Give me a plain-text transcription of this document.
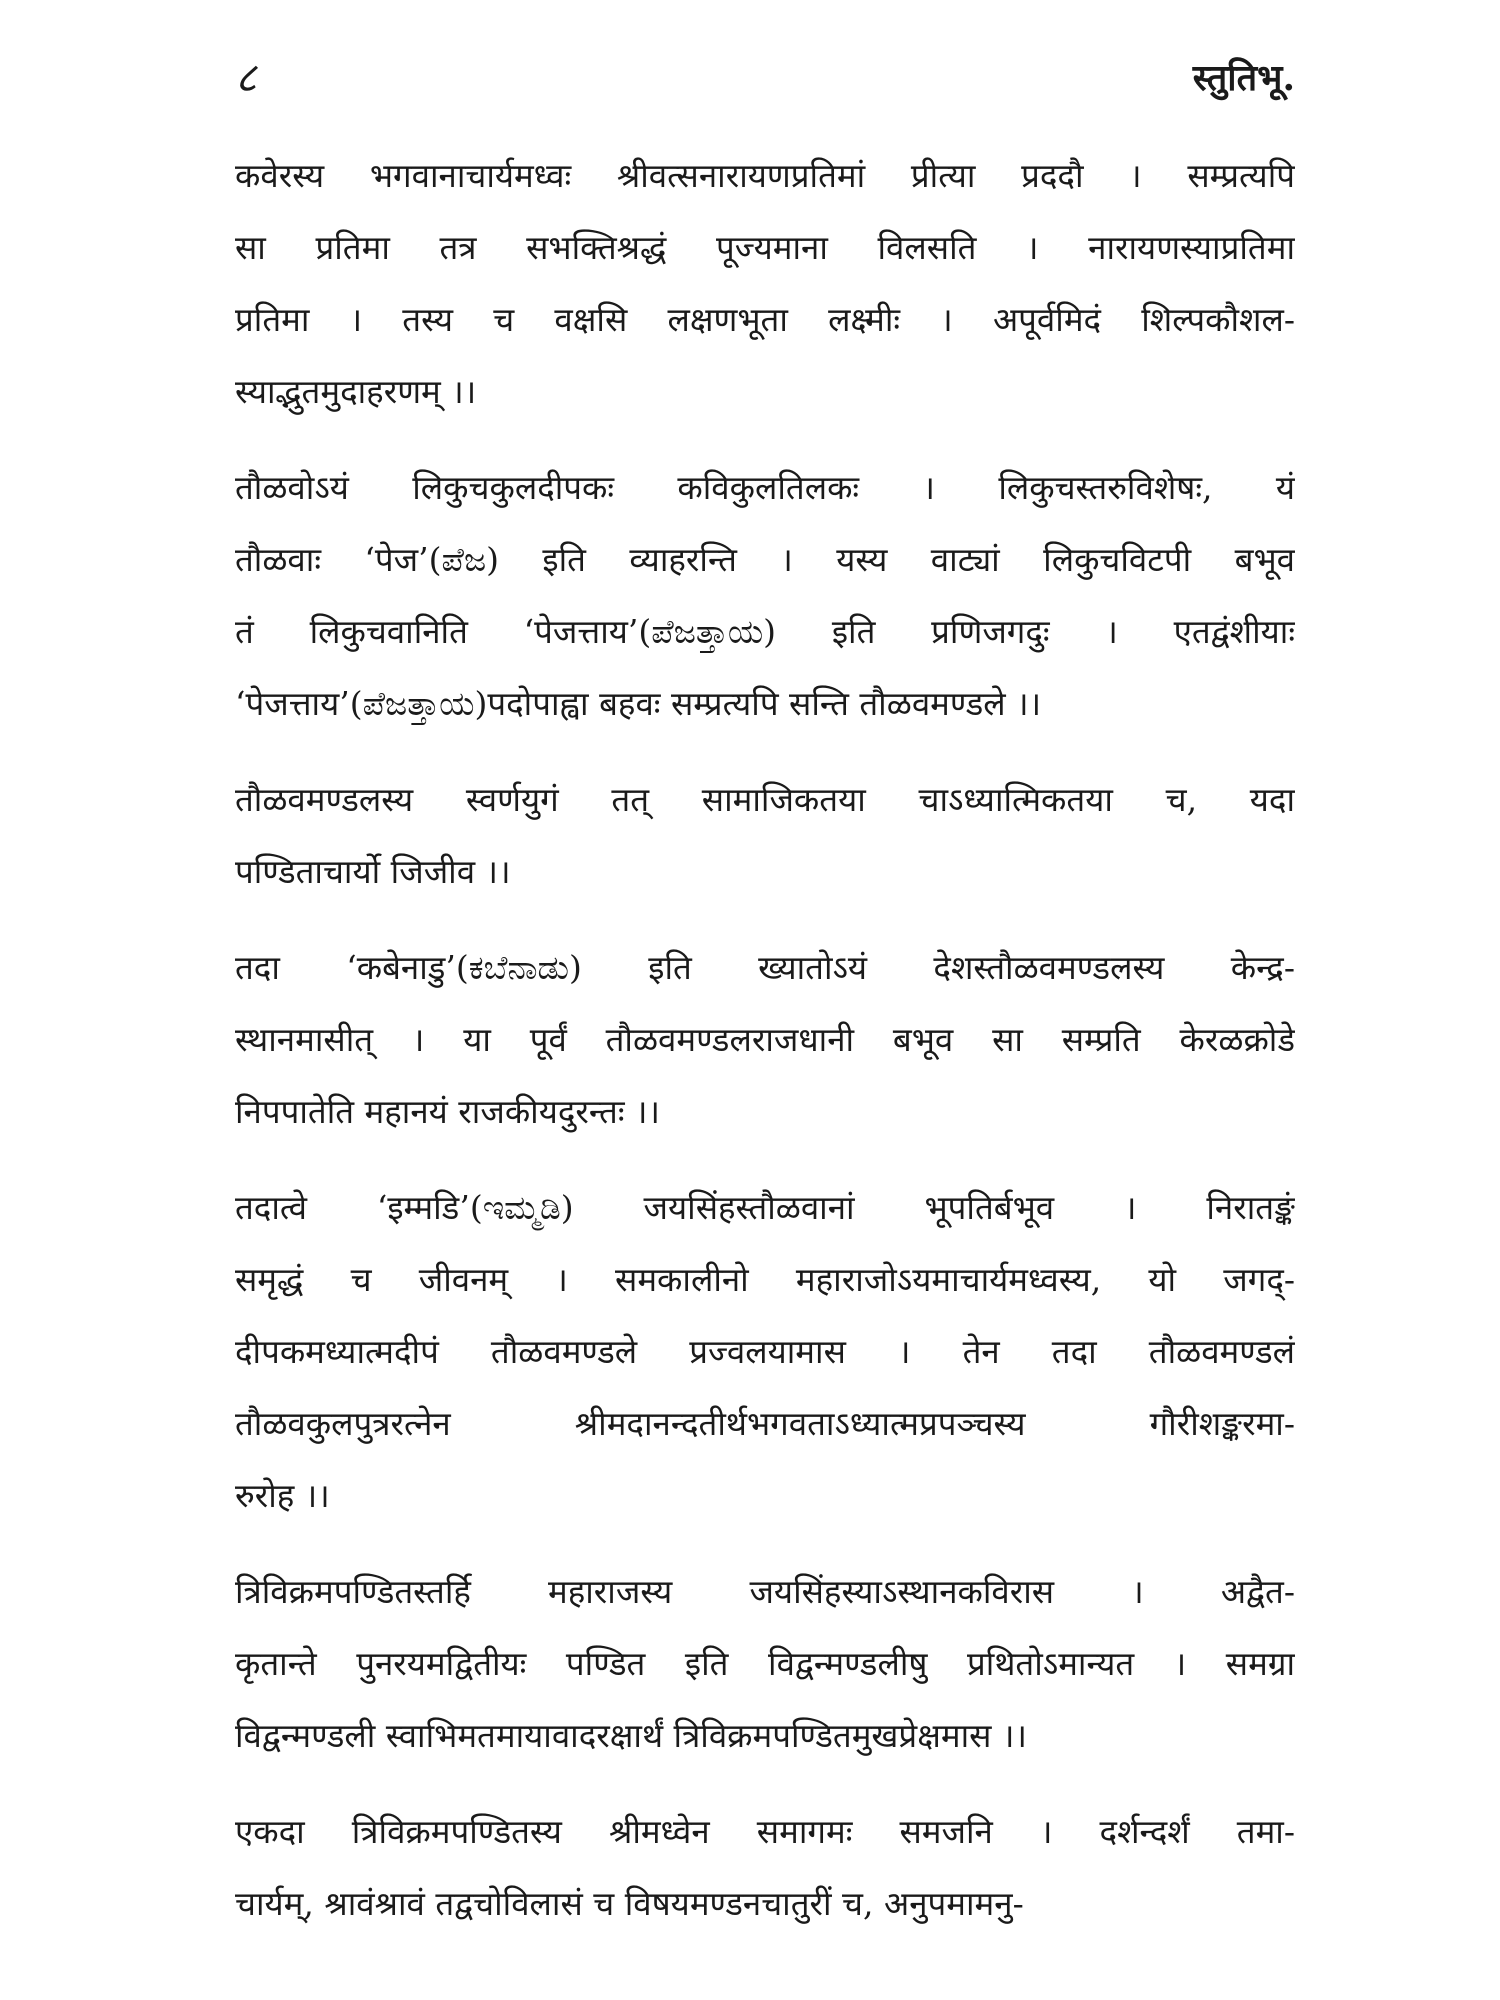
८	स्तुतिभू.
कवेरस्य भगवानाचार्यमध्वः श्रीवत्सनारायणप्रतिमां प्रीत्या प्रददौ । सम्प्रत्यपि
सा प्रतिमा तत्र सभक्तिश्रद्धं पूज्यमाना विलसति । नारायणस्याप्रतिमा
प्रतिमा । तस्य च वक्षसि लक्षणभूता लक्ष्मीः । अपूर्वमिदं शिल्पकौशल-
स्याद्भुतमुदाहरणम् ।।
तौळवोऽयं लिकुचकुलदीपकः कविकुलतिलकः । लिकुचस्तरुविशेषः, यं
तौळवाः ‘पेज’(ಪೆಜ) इति व्याहरन्ति । यस्य वाट्यां लिकुचविटपी बभूव
तं लिकुचवानिति ‘पेजत्ताय’(ಪೆಜತ್ತಾಯ) इति प्रणिजगदुः । एतद्वंशीयाः
‘पेजत्ताय’(ಪೆಜತ್ತಾಯ)पदोपाह्वा बहवः सम्प्रत्यपि सन्ति तौळवमण्डले ।।
तौळवमण्डलस्य स्वर्णयुगं तत् सामाजिकतया चाऽध्यात्मिकतया च, यदा
पण्डिताचार्यो जिजीव ।।
तदा ‘कबेनाडु’(ಕಬೆನಾಡು) इति ख्यातोऽयं देशस्तौळवमण्डलस्य केन्द्र-
स्थानमासीत् । या पूर्वं तौळवमण्डलराजधानी बभूव सा सम्प्रति केरळक्रोडे
निपपातेति महानयं राजकीयदुरन्तः ।।
तदात्वे ‘इम्मडि’(ಇಮ್ಮಡಿ) जयसिंहस्तौळवानां भूपतिर्बभूव । निरातङ्कं
समृद्धं च जीवनम् । समकालीनो महाराजोऽयमाचार्यमध्वस्य, यो जगद्-
दीपकमध्यात्मदीपं तौळवमण्डले प्रज्वलयामास । तेन तदा तौळवमण्डलं
तौळवकुलपुत्ररत्नेन श्रीमदानन्दतीर्थभगवताऽध्यात्मप्रपञ्चस्य गौरीशङ्करमा-
रुरोह ।।
त्रिविक्रमपण्डितस्तर्हि महाराजस्य जयसिंहस्याऽस्थानकविरास । अद्वैत-
कृतान्ते पुनरयमद्वितीयः पण्डित इति विद्वन्मण्डलीषु प्रथितोऽमान्यत । समग्रा
विद्वन्मण्डली स्वाभिमतमायावादरक्षार्थं त्रिविक्रमपण्डितमुखप्रेक्षमास ।।
एकदा त्रिविक्रमपण्डितस्य श्रीमध्वेन समागमः समजनि । दर्शन्दर्शं तमा-
चार्यम्, श्रावंश्रावं तद्वचोविलासं च विषयमण्डनचातुरीं च, अनुपमामनु-
